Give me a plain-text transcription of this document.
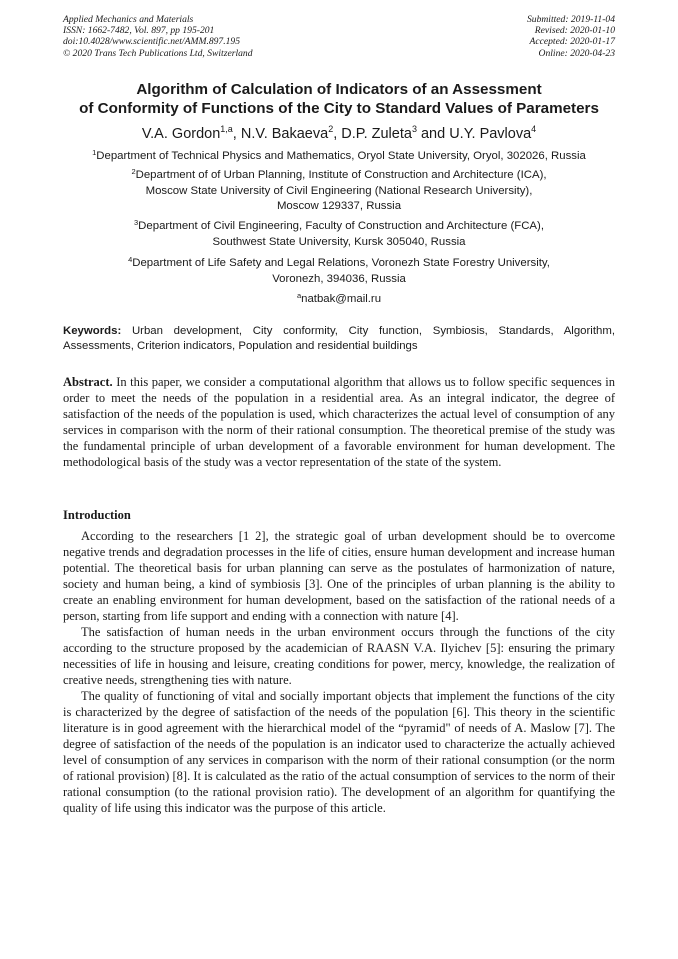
Applied Mechanics and Materials
ISSN: 1662-7482, Vol. 897, pp 195-201
doi:10.4028/www.scientific.net/AMM.897.195
© 2020 Trans Tech Publications Ltd, Switzerland
Submitted: 2019-11-04
Revised: 2020-01-10
Accepted: 2020-01-17
Online: 2020-04-23
Algorithm of Calculation of Indicators of an Assessment
of Conformity of Functions of the City to Standard Values of Parameters
V.A. Gordon$^{1,a}$, N.V. Bakaeva$^2$, D.P. Zuleta$^3$ and U.Y. Pavlova$^4$
$^1$Department of Technical Physics and Mathematics, Oryol State University, Oryol, 302026, Russia
$^2$Department of of Urban Planning, Institute of Construction and Architecture (ICA),
Moscow State University of Civil Engineering (National Research University),
Moscow 129337, Russia
$^3$Department of Civil Engineering, Faculty of Construction and Architecture (FCA),
Southwest State University, Kursk 305040, Russia
$^4$Department of Life Safety and Legal Relations, Voronezh State Forestry University,
Voronezh, 394036, Russia
$^a$natbak@mail.ru
Keywords: Urban development, City conformity, City function, Symbiosis, Standards, Algorithm, Assessments, Criterion indicators, Population and residential buildings
Abstract. In this paper, we consider a computational algorithm that allows us to follow specific sequences in order to meet the needs of the population in a residential area. As an integral indicator, the degree of satisfaction of the needs of the population is used, which characterizes the actual level of consumption of any services in comparison with the norm of their rational consumption. The theoretical premise of the study was the fundamental principle of urban development of a favorable environment for human development. The methodological basis of the study was a vector representation of the state of the system.
Introduction

According to the researchers [1 2], the strategic goal of urban development should be to overcome negative trends and degradation processes in the life of cities, ensure human development and increase human potential. The theoretical basis for urban planning can serve as the postulates of harmonization of nature, society and human being, a kind of symbiosis [3]. One of the principles of urban planning is the ability to create an enabling environment for human development, based on the satisfaction of the rational needs of a person, starting from life support and ending with a connection with nature [4].

The satisfaction of human needs in the urban environment occurs through the functions of the city according to the structure proposed by the academician of RAASN V.A. Ilyichev [5]: ensuring the primary necessities of life in housing and leisure, creating conditions for power, mercy, knowledge, the realization of creative needs, strengthening ties with nature.

The quality of functioning of vital and socially important objects that implement the functions of the city is characterized by the degree of satisfaction of the needs of the population [6]. This theory in the scientific literature is in good agreement with the hierarchical model of the “pyramid" of needs of A. Maslow [7]. The degree of satisfaction of the needs of the population is an indicator used to characterize the actually achieved level of consumption of any services in comparison with the norm of their rational consumption (or the norm of rational provision) [8]. It is calculated as the ratio of the actual consumption of services to the norm of their rational consumption (to the rational provision ratio). The development of an algorithm for quantifying the quality of life using this indicator was the purpose of this article.
